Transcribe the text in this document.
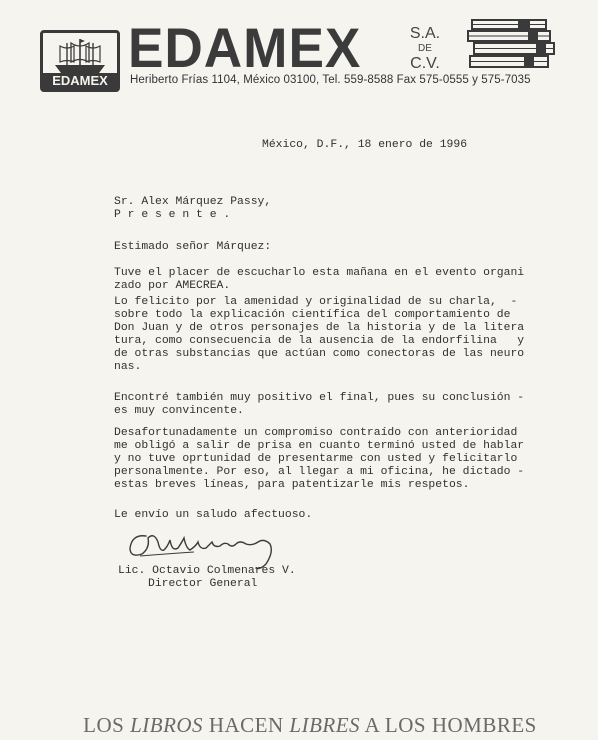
EDAMEX
EDAMEX	S.A.
DE
C.V.
Heriberto Frías 1104, México 03100, Tel. 559-8588 Fax 575-0555 y 575-7035
México, D.F., 18 enero de 1996
Sr. Alex Márquez Passy,
P r e s e n t e .
Estimado señor Márquez:
Tuve el placer de escucharlo esta mañana en el evento organi
zado por AMECREA.
Lo felicito por la amenidad y originalidad de su charla,  -
sobre todo la explicación científica del comportamiento de
Don Juan y de otros personajes de la historia y de la litera
tura, como consecuencia de la ausencia de la endorfilina   y
de otras substancias que actúan como conectoras de las neuro
nas.
Encontré también muy positivo el final, pues su conclusión -
es muy convincente.
Desafortunadamente un compromiso contraído con anterioridad
me obligó a salir de prisa en cuanto terminó usted de hablar
y no tuve oprtunidad de presentarme con usted y felicitarlo
personalmente. Por eso, al llegar a mi oficina, he dictado -
estas breves líneas, para patentizarle mis respetos.
Le envío un saludo afectuoso.
Lic. Octavio Colmenares V.
Director General
LOS LIBROS HACEN LIBRES A LOS HOMBRES
